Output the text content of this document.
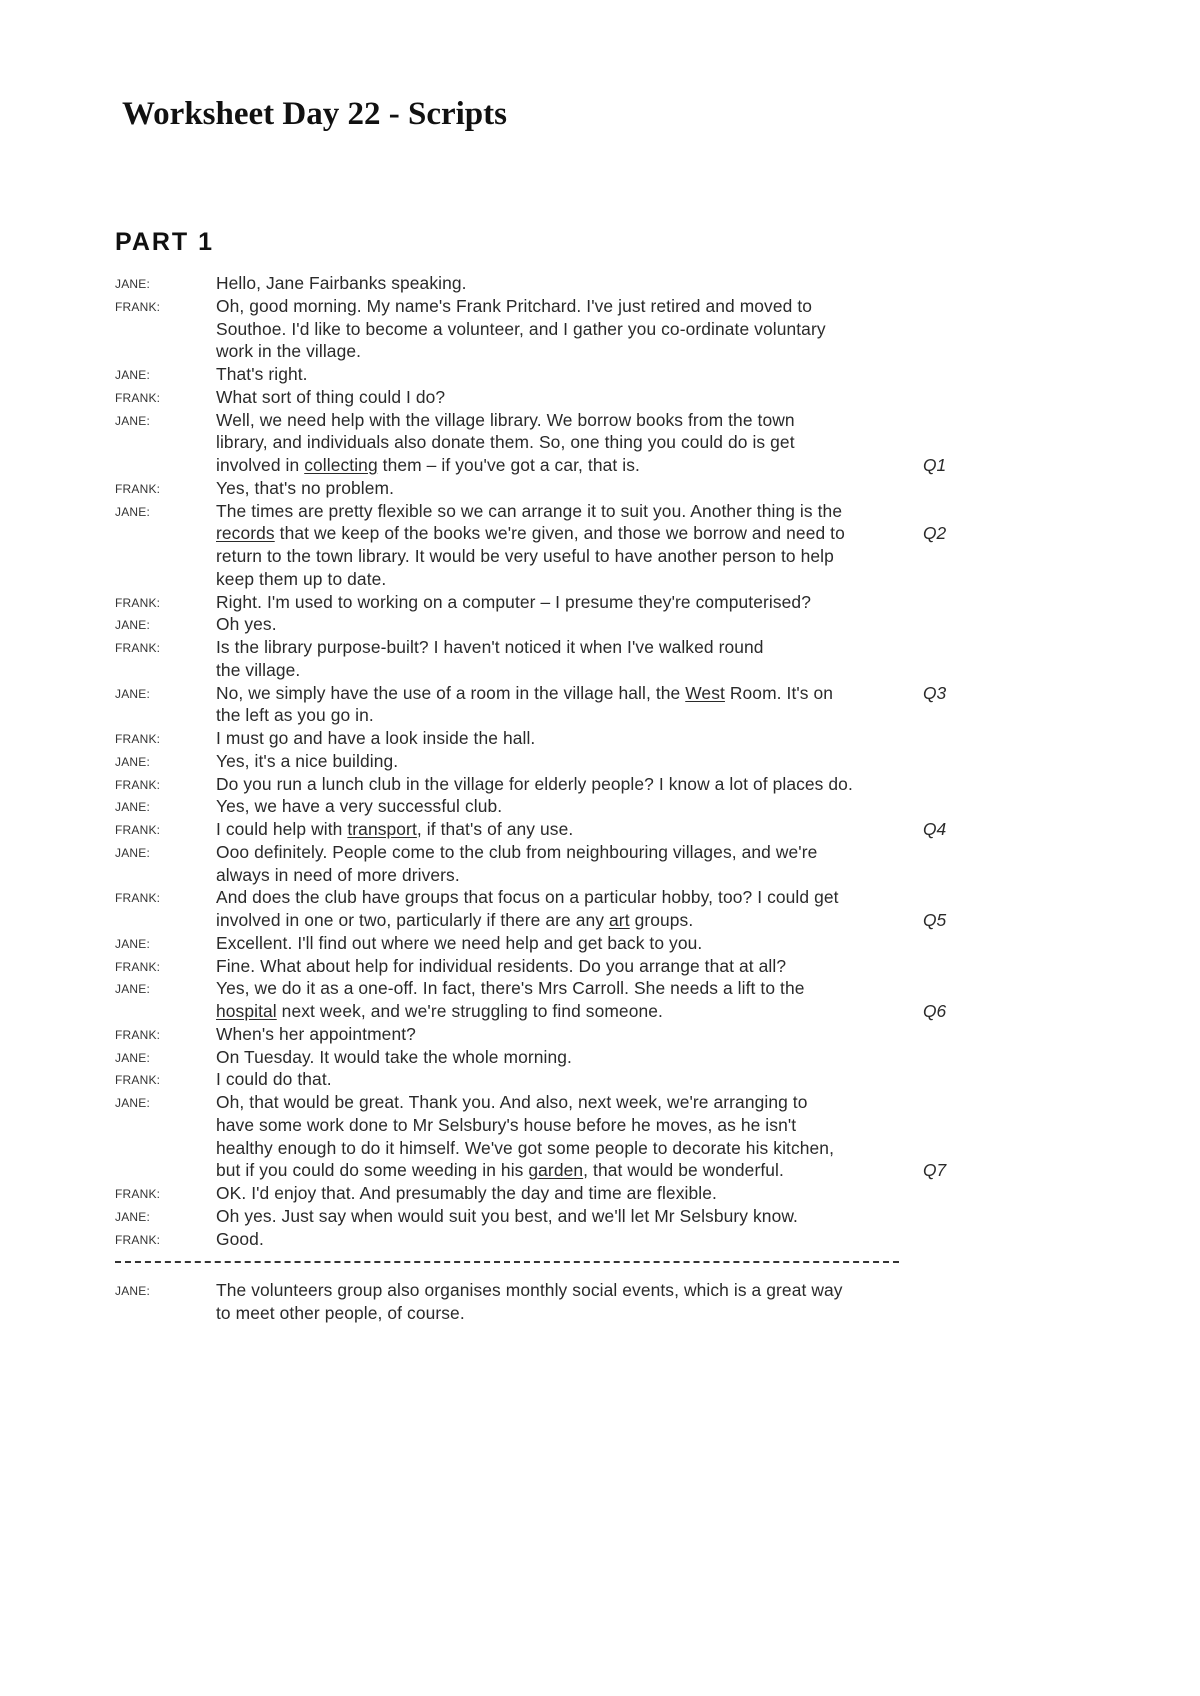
Worksheet Day 22 - Scripts
PART 1
JANE:	Hello, Jane Fairbanks speaking.
FRANK:	Oh, good morning. My name's Frank Pritchard. I've just retired and moved to
Southoe. I'd like to become a volunteer, and I gather you co-ordinate voluntary
work in the village.
JANE:	That's right.
FRANK:	What sort of thing could I do?
JANE:	Well, we need help with the village library. We borrow books from the town
library, and individuals also donate them. So, one thing you could do is get
involved in collecting them – if you've got a car, that is.	Q1
FRANK:	Yes, that's no problem.
JANE:	The times are pretty flexible so we can arrange it to suit you. Another thing is the
records that we keep of the books we're given, and those we borrow and need to	Q2
return to the town library. It would be very useful to have another person to help
keep them up to date.
FRANK:	Right. I'm used to working on a computer – I presume they're computerised?
JANE:	Oh yes.
FRANK:	Is the library purpose-built? I haven't noticed it when I've walked round
the village.
JANE:	No, we simply have the use of a room in the village hall, the West Room. It's on	Q3
the left as you go in.
FRANK:	I must go and have a look inside the hall.
JANE:	Yes, it's a nice building.
FRANK:	Do you run a lunch club in the village for elderly people? I know a lot of places do.
JANE:	Yes, we have a very successful club.
FRANK:	I could help with transport, if that's of any use.	Q4
JANE:	Ooo definitely. People come to the club from neighbouring villages, and we're
always in need of more drivers.
FRANK:	And does the club have groups that focus on a particular hobby, too? I could get
involved in one or two, particularly if there are any art groups.	Q5
JANE:	Excellent. I'll find out where we need help and get back to you.
FRANK:	Fine. What about help for individual residents. Do you arrange that at all?
JANE:	Yes, we do it as a one-off. In fact, there's Mrs Carroll. She needs a lift to the
hospital next week, and we're struggling to find someone.	Q6
FRANK:	When's her appointment?
JANE:	On Tuesday. It would take the whole morning.
FRANK:	I could do that.
JANE:	Oh, that would be great. Thank you. And also, next week, we're arranging to
have some work done to Mr Selsbury's house before he moves, as he isn't
healthy enough to do it himself. We've got some people to decorate his kitchen,
but if you could do some weeding in his garden, that would be wonderful.	Q7
FRANK:	OK. I'd enjoy that. And presumably the day and time are flexible.
JANE:	Oh yes. Just say when would suit you best, and we'll let Mr Selsbury know.
FRANK:	Good.
JANE:	The volunteers group also organises monthly social events, which is a great way
to meet other people, of course.
